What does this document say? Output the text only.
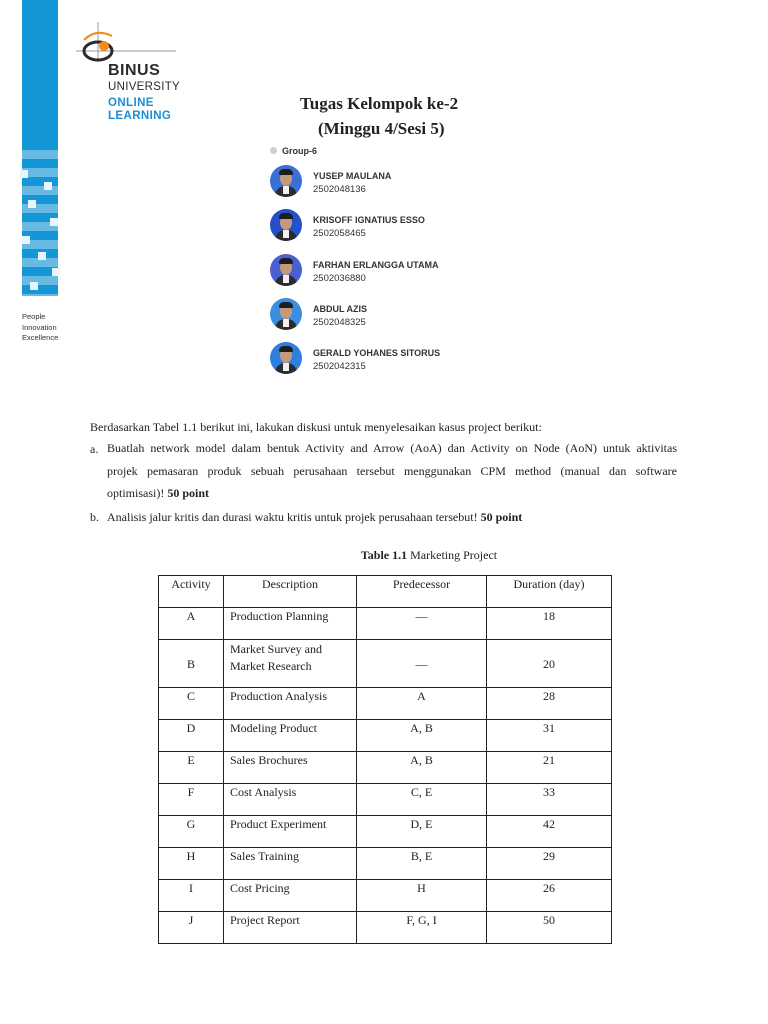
People
Innovation
Excellence
BINUS
UNIVERSITY
ONLINE
LEARNING
Tugas Kelompok ke-2
(Minggu 4/Sesi 5)
Group-6
YUSEP MAULANA
2502048136
KRISOFF IGNATIUS ESSO
2502058465
FARHAN ERLANGGA UTAMA
2502036880
ABDUL AZIS
2502048325
GERALD YOHANES SITORUS
2502042315
Berdasarkan Tabel 1.1 berikut ini, lakukan diskusi untuk menyelesaikan kasus project berikut:
a. Buatlah network model dalam bentuk Activity and Arrow (AoA) dan Activity on Node (AoN) untuk aktivitas

projek pemasaran produk sebuah perusahaan tersebut menggunakan CPM method (manual dan software

optimisasi)! 50 point

b. Analisis jalur kritis dan durasi waktu kritis untuk projek perusahaan tersebut! 50 point
Table 1.1 Marketing Project
Activity	Description	Predecessor	Duration (day)
A	Production Planning	—	18
B	Market Survey and Market Research	—	20
C	Production Analysis	A	28
D	Modeling Product	A, B	31
E	Sales Brochures	A, B	21
F	Cost Analysis	C, E	33
G	Product Experiment	D, E	42
H	Sales Training	B, E	29
I	Cost Pricing	H	26
J	Project Report	F, G, I	50
